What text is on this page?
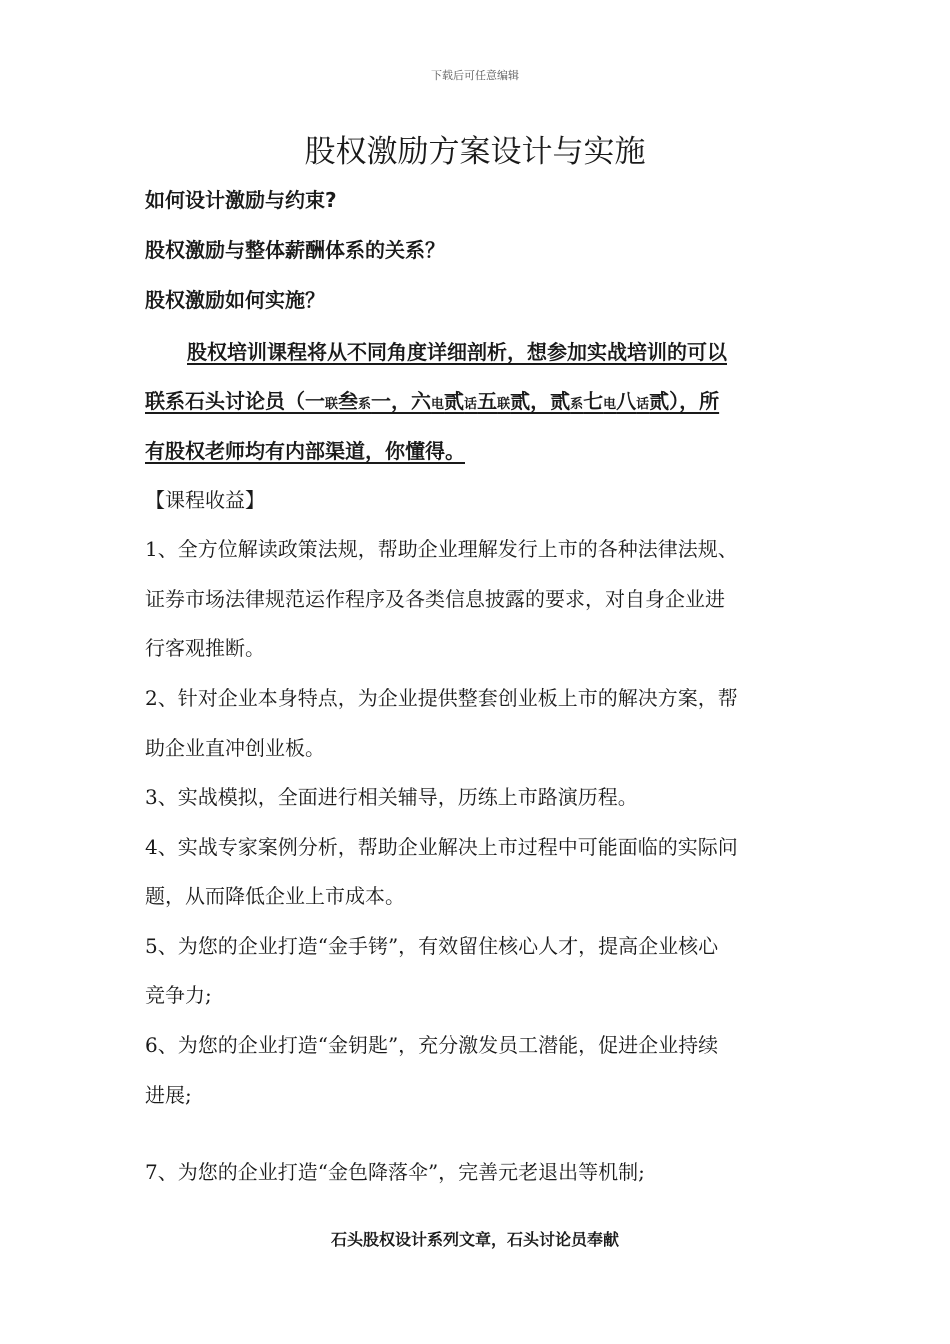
下载后可任意编辑
股权激励方案设计与实施
如何设计激励与约束?
股权激励与整体薪酬体系的关系？
股权激励如何实施？
股权培训课程将从不同角度详细剖析，想参加实战培训的可以
联系石头讨论员（一联叁系一，六电贰话五联贰，贰系七电八话贰），所
有股权老师均有内部渠道，你懂得。
【课程收益】
1、全方位解读政策法规，帮助企业理解发行上市的各种法律法规、
证券市场法律规范运作程序及各类信息披露的要求，对自身企业进
行客观推断。
2、针对企业本身特点，为企业提供整套创业板上市的解决方案，帮
助企业直冲创业板。
3、实战模拟，全面进行相关辅导，历练上市路演历程。
4、实战专家案例分析，帮助企业解决上市过程中可能面临的实际问
题，从而降低企业上市成本。
5、为您的企业打造“金手铐”，有效留住核心人才，提高企业核心
竞争力;
6、为您的企业打造“金钥匙”，充分激发员工潜能，促进企业持续
进展;
7、为您的企业打造“金色降落伞”，完善元老退出等机制;
石头股权设计系列文章，石头讨论员奉献
